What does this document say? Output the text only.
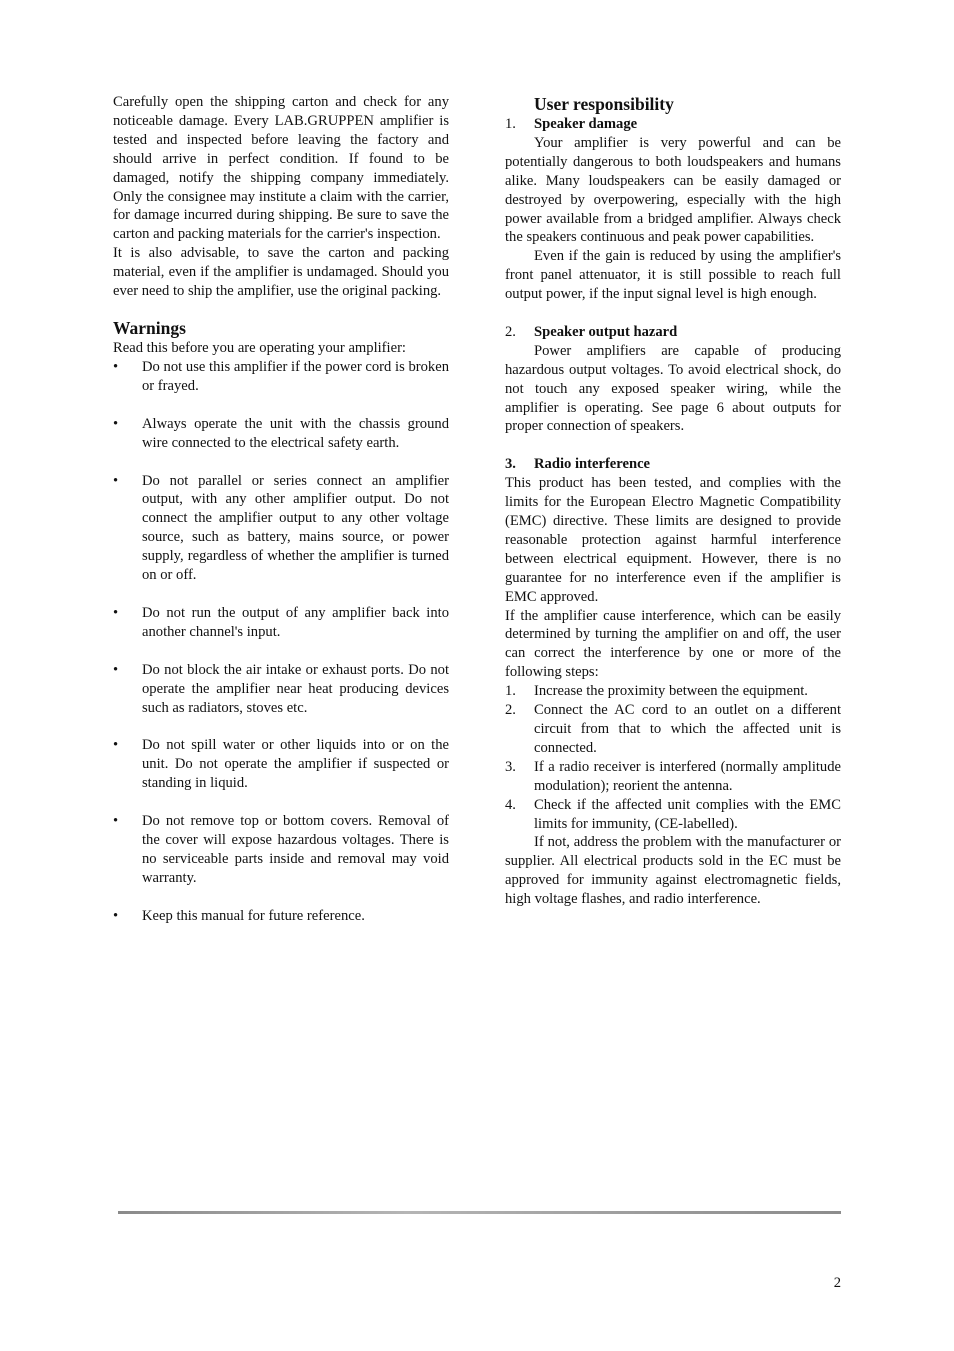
Carefully open the shipping carton and check for any noticeable damage. Every LAB.GRUPPEN amplifier is tested and inspected before leaving the factory and should arrive in perfect condition. If found to be damaged, notify the shipping company immediately. Only the consignee may institute a claim with the carrier, for damage incurred during shipping. Be sure to save the carton and packing materials for the carrier's inspection.

It is also advisable, to save the carton and packing material, even if the amplifier is undamaged. Should you ever need to ship the amplifier, use the original packing.

Warnings

Read this before you are operating your amplifier:

•	Do not use this amplifier if the power cord is broken or frayed.
•	Always operate the unit with the chassis ground wire connected to the electrical safety earth.
•	Do not parallel or series connect an amplifier output, with any other amplifier output. Do not connect the amplifier output to any other voltage source, such as battery, mains source, or power supply, regardless of whether the amplifier is turned on or off.
•	Do not run the output of any amplifier back into another channel's input.
•	Do not block the air intake or exhaust ports. Do not operate the amplifier near heat producing devices such as radiators, stoves etc.
•	Do not spill water or other liquids into or on the unit. Do not operate the amplifier if suspected or standing in liquid.
•	Do not remove top or bottom covers. Removal of the cover will expose hazardous voltages. There is no serviceable parts inside and removal may void warranty.
•	Keep this manual for future reference.
User responsibility
1. Speaker damage

Your amplifier is very powerful and can be potentially dangerous to both loudspeakers and humans alike. Many loudspeakers can be easily damaged or destroyed by overpowering, especially with the high power available from a bridged amplifier. Always check the speakers continuous and peak power capabilities.

Even if the gain is reduced by using the amplifier's front panel attenuator, it is still possible to reach full output power, if the input signal level is high enough.

2. Speaker output hazard

Power amplifiers are capable of producing hazardous output voltages. To avoid electrical shock, do not touch any exposed speaker wiring, while the amplifier is operating. See page 6 about outputs for proper connection of speakers.

3. Radio interference

This product has been tested, and complies with the limits for the European Electro Magnetic Compatibility (EMC) directive. These limits are designed to provide reasonable protection against harmful interference between electrical equipment. However, there is no guarantee for no interference even if the amplifier is EMC approved.

If the amplifier cause interference, which can be easily determined by turning the amplifier on and off, the user can correct the interference by one or more of the following steps:

1. Increase the proximity between the equipment.
2. Connect the AC cord to an outlet on a different circuit from that to which the affected unit is connected.
3. If a radio receiver is interfered (normally amplitude modulation); reorient the antenna.
4. Check if the affected unit complies with the EMC limits for immunity, (CE-labelled).

If not, address the problem with the manufacturer or supplier. All electrical products sold in the EC must be approved for immunity against electromagnetic fields, high voltage flashes, and radio interference.

2
